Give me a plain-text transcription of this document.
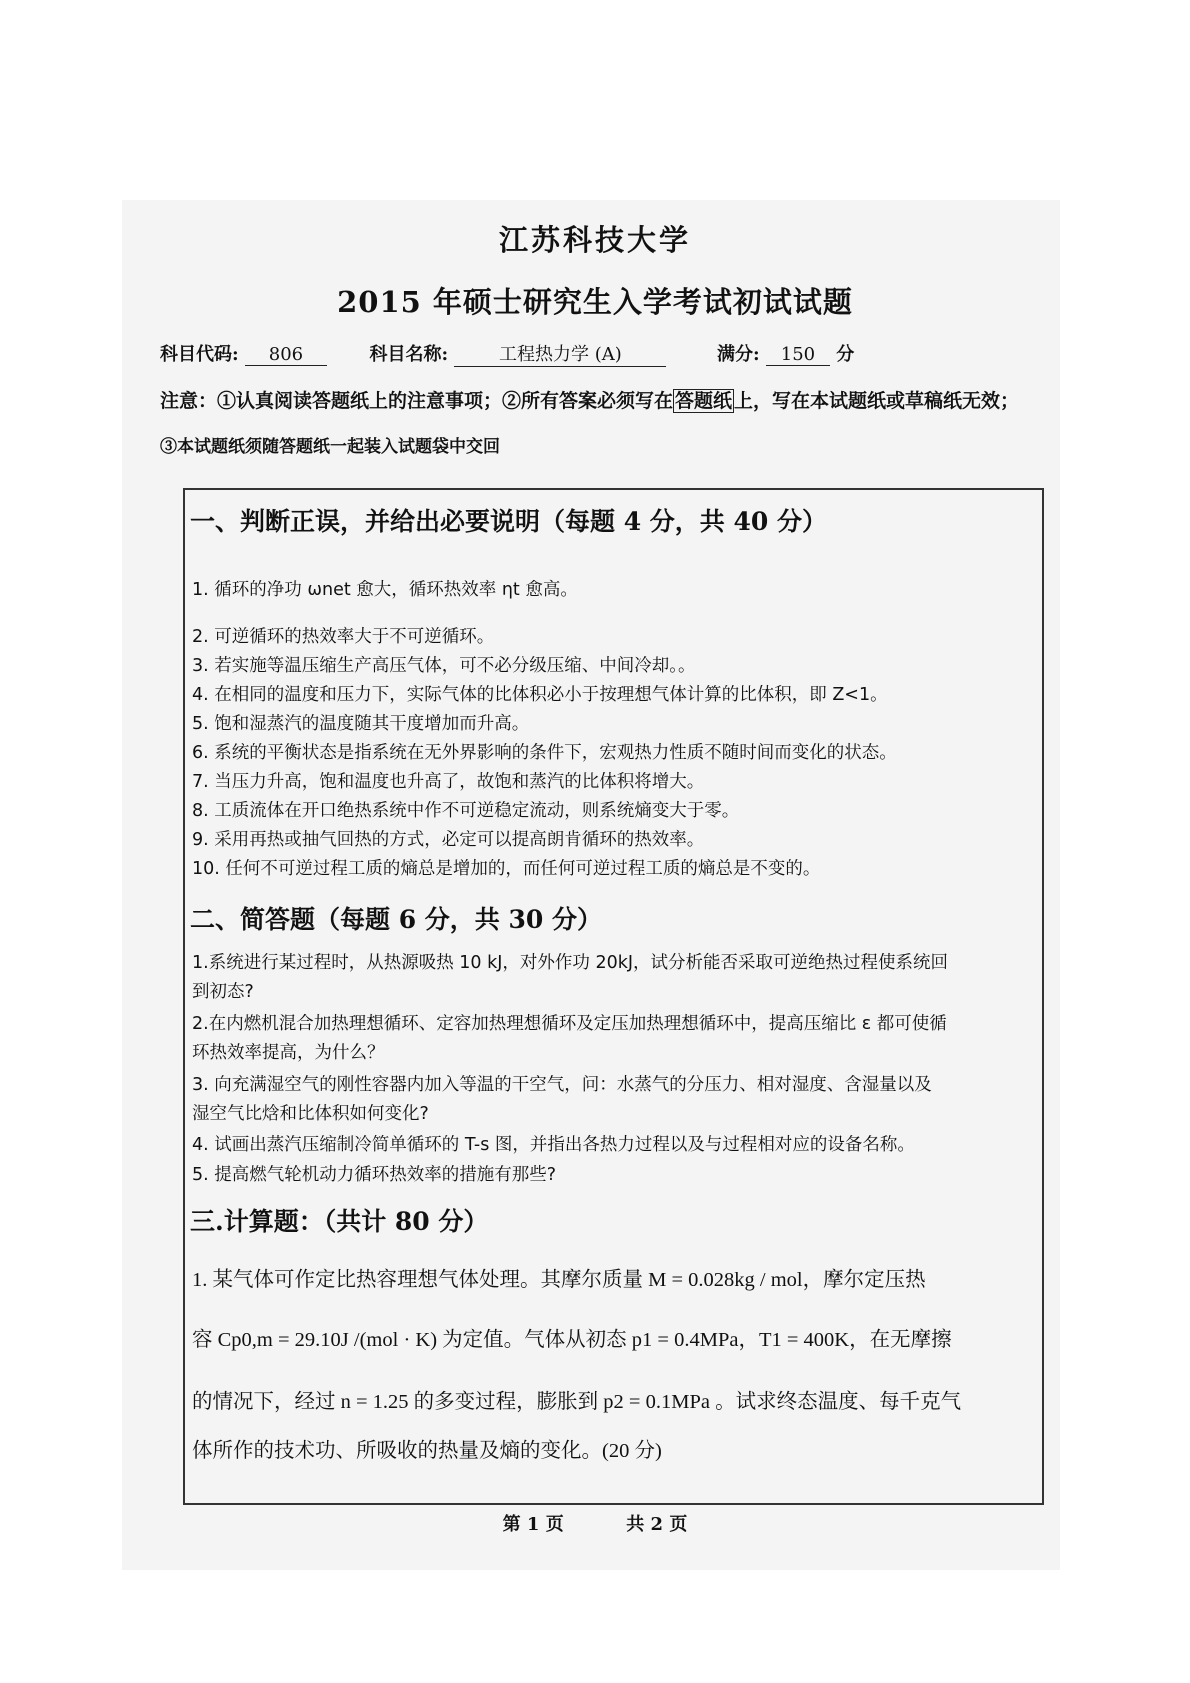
江苏科技大学
2015 年硕士研究生入学考试初试试题
科目代码: 806	科目名称:	工程热力学 (A)	满分: 150 分
注意：①认真阅读答题纸上的注意事项；②所有答案必须写在 答题纸 上，写在本试题纸或草稿纸无效；
③本试题纸须随答题纸一起装入试题袋中交回
一、判断正误，并给出必要说明（每题 4 分，共 40 分）
1. 循环的净功 ωnet 愈大，循环热效率 ηt 愈高。
2. 可逆循环的热效率大于不可逆循环。
3. 若实施等温压缩生产高压气体，可不必分级压缩、中间冷却。。
4. 在相同的温度和压力下，实际气体的比体积必小于按理想气体计算的比体积，即 Z<1。
5. 饱和湿蒸汽的温度随其干度增加而升高。
6. 系统的平衡状态是指系统在无外界影响的条件下，宏观热力性质不随时间而变化的状态。
7. 当压力升高，饱和温度也升高了，故饱和蒸汽的比体积将增大。
8. 工质流体在开口绝热系统中作不可逆稳定流动，则系统熵变大于零。
9. 采用再热或抽气回热的方式，必定可以提高朗肯循环的热效率。
10. 任何不可逆过程工质的熵总是增加的，而任何可逆过程工质的熵总是不变的。
二、简答题（每题 6 分，共 30 分）
1.系统进行某过程时，从热源吸热 10 kJ，对外作功 20kJ，试分析能否采取可逆绝热过程使系统回
到初态?
2.在内燃机混合加热理想循环、定容加热理想循环及定压加热理想循环中，提高压缩比 ε 都可使循
环热效率提高，为什么？
3. 向充满湿空气的刚性容器内加入等温的干空气，问：水蒸气的分压力、相对湿度、含湿量以及
湿空气比焓和比体积如何变化?
4. 试画出蒸汽压缩制冷简单循环的 T-s 图，并指出各热力过程以及与过程相对应的设备名称。
5. 提高燃气轮机动力循环热效率的措施有那些?
三.计算题：（共计 80 分）
1. 某气体可作定比热容理想气体处理。其摩尔质量 M = 0.028kg / mol，摩尔定压热
容 Cp0,m = 29.10J /(mol · K) 为定值。气体从初态 p1 = 0.4MPa，T1 = 400K，在无摩擦
的情况下，经过 n = 1.25 的多变过程，膨胀到 p2 = 0.1MPa 。试求终态温度、每千克气
体所作的技术功、所吸收的热量及熵的变化。(20 分)
第 1 页	共 2 页
